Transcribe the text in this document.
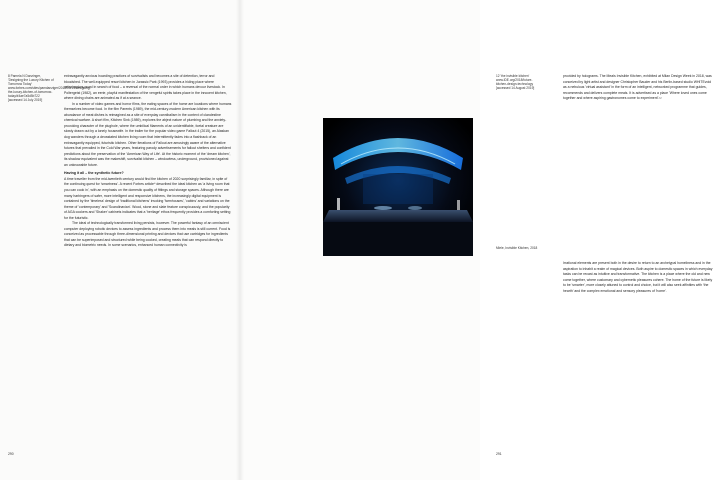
8 Pamela N Danzinger, 'Designing the Luxury Kitchen of Tomorrow Today' www.forbes.com/sites/pamdanziger/2018/10/14/designing-the-luxury-kitchen-of-tomorrow-today/#4ae7a5d5b722 [accessed 14 July 2019]

extravagantly anxious hoarding practices of survivalists and becomes a site of detention, terror and bloodshed. The well-equipped resort kitchen in Jurassic Park (1993) provides a hiding place where velociraptors prowl in search of food – a reversal of the normal order in which humans devour livestock. In Poltergeist (1982), an eerie, playful manifestation of the vengeful spirits takes place in the innocent kitchen, where dining chairs are animated as if at a seance.

In a number of video games and horror films, the eating spaces of the home are locations where humans themselves become food. In the film Parents (1989), the mid-century-modern American kitchen with its abundance of meat dishes is reimagined as a site of everyday cannibalism in the context of clandestine chemical warfare. A short film, Kitchen Sink (1989), explores the abject nature of plumbing and the anxiety-provoking character of the plughole, where the umbilical filaments of an unidentifiable, foetal creature are slowly drawn out by a lonely housewife. In the trailer for the popular video game Fallout 4 (2015), an Alaskan dog wanders through a devastated kitchen living room that intermittently fades into a flashback of an extravagantly equipped, futuristic kitchen. Other iterations of Fallout are amusingly aware of the alternative futures that prevailed in the Cold War years, featuring parody advertisements for fallout shelters and confident predictions about the preservation of the 'American Way of Life'. At the historic moment of the 'dream kitchen', its shadow equivalent was the makeshift, survivalist kitchen – windowless, underground, provisioned against an unknowable future.

Having it all – the synthetic future?

A time traveller from the mid-twentieth century would find the kitchen of 2020 surprisingly familiar, in spite of the continuing quest for 'smartness'. A recent Forbes article⁸ described the ideal kitchen as 'a living room that you can cook in', with an emphasis on the domestic quality of fittings and storage spaces. Although there are many harbingers of safer, more intelligent and responsive kitchens, the increasingly digital equipment is contained by the 'timeless' design of 'traditional kitchens' invoking 'farmhouses', 'cabins' and variations on the theme of 'contemporary' and 'Scandinavian'. Wood, stone and slate feature conspicuously, and the popularity of AGA cookers and 'Shaker' cabinets indicates that a 'heritage' ethos frequently provides a comforting setting for the futuristic.

The ideal of technologically transformed living persists, however. The powerful fantasy of an omniscient computer deploying robotic devices to assess ingredients and process them into meals is still current. Food is conceived as processable through three-dimensional printing and devices that use cartridges for ingredients that can be superimposed and structured while being cooked, creating meals that can respond directly to dietary and biometric needs. In some scenarios, enhanced human connectivity is

290
12 'the invisible kitchen' www.IDE.org/2018/future-kitchen-design-technology [accessed 14 August 2019]

provided by holograms. The Meals Invisible Kitchen, exhibited at Milan Design Week in 2018, was conceived by light artist and designer Christopher Bauder and his Berlin-based studio WHITEvoid as a nebulous 'virtual assistant' in the form of an intelligent, networked programme that guides, recommends and delivers complete meals. It is advertised as a place 'Where loved ones come together and where aspiring gastronomes come to experiment'.¹²

Miele, Invisible Kitchen, 2018

Irrational elements are present both in the desire to return to an archetypal homeliness and in the aspiration to inhabit a realm of magical devices. Both aspire to domestic spaces in which everyday tasks can be recast as intuitive and transformative. The kitchen is a place where the old and new come together, where customary and cybernetic pleasures cohere. The home of the future is likely to be 'smarter', more closely attuned to control and choice, but it will also seek affinities with 'the hearth' and the complex emotional and sensory pleasures of 'home'.

291
